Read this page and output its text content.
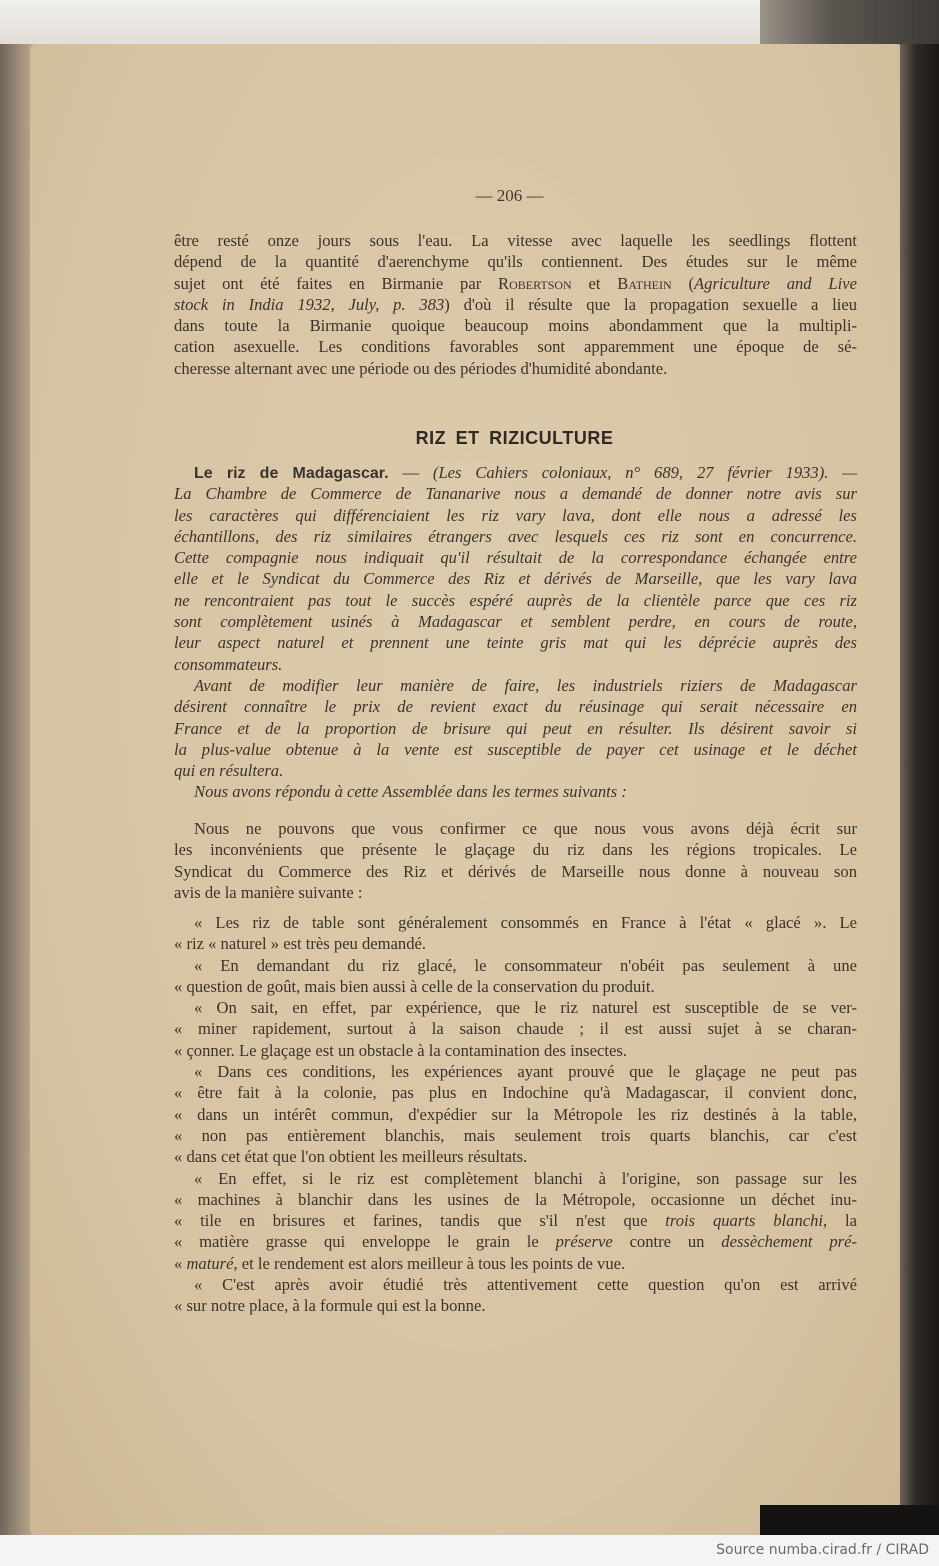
— 206 —
être resté onze jours sous l'eau. La vitesse avec laquelle les seedlings flottent
dépend de la quantité d'aerenchyme qu'ils contiennent. Des études sur le même
sujet ont été faites en Birmanie par Robertson et Bathein (Agriculture and Live
stock in India 1932, July, p. 383) d'où il résulte que la propagation sexuelle a lieu
dans toute la Birmanie quoique beaucoup moins abondamment que la multipli-
cation asexuelle. Les conditions favorables sont apparemment une époque de sé-
cheresse alternant avec une période ou des périodes d'humidité abondante.
RIZ ET RIZICULTURE
Le riz de Madagascar. — (Les Cahiers coloniaux, n° 689, 27 février 1933). —
La Chambre de Commerce de Tananarive nous a demandé de donner notre avis sur
les caractères qui différenciaient les riz vary lava, dont elle nous a adressé les
échantillons, des riz similaires étrangers avec lesquels ces riz sont en concurrence.
Cette compagnie nous indiquait qu'il résultait de la correspondance échangée entre
elle et le Syndicat du Commerce des Riz et dérivés de Marseille, que les vary lava
ne rencontraient pas tout le succès espéré auprès de la clientèle parce que ces riz
sont complètement usinés à Madagascar et semblent perdre, en cours de route,
leur aspect naturel et prennent une teinte gris mat qui les déprécie auprès des
consommateurs.
Avant de modifier leur manière de faire, les industriels riziers de Madagascar
désirent connaître le prix de revient exact du réusinage qui serait nécessaire en
France et de la proportion de brisure qui peut en résulter. Ils désirent savoir si
la plus-value obtenue à la vente est susceptible de payer cet usinage et le déchet
qui en résultera.
Nous avons répondu à cette Assemblée dans les termes suivants :
Nous ne pouvons que vous confirmer ce que nous vous avons déjà écrit sur
les inconvénients que présente le glaçage du riz dans les régions tropicales. Le
Syndicat du Commerce des Riz et dérivés de Marseille nous donne à nouveau son
avis de la manière suivante :
« Les riz de table sont généralement consommés en France à l'état « glacé ». Le
« riz « naturel » est très peu demandé.
« En demandant du riz glacé, le consommateur n'obéit pas seulement à une
« question de goût, mais bien aussi à celle de la conservation du produit.
« On sait, en effet, par expérience, que le riz naturel est susceptible de se ver-
« miner rapidement, surtout à la saison chaude ; il est aussi sujet à se charan-
« çonner. Le glaçage est un obstacle à la contamination des insectes.
« Dans ces conditions, les expériences ayant prouvé que le glaçage ne peut pas
« être fait à la colonie, pas plus en Indochine qu'à Madagascar, il convient donc,
« dans un intérêt commun, d'expédier sur la Métropole les riz destinés à la table,
« non pas entièrement blanchis, mais seulement trois quarts blanchis, car c'est
« dans cet état que l'on obtient les meilleurs résultats.
« En effet, si le riz est complètement blanchi à l'origine, son passage sur les
« machines à blanchir dans les usines de la Métropole, occasionne un déchet inu-
« tile en brisures et farines, tandis que s'il n'est que trois quarts blanchi, la
« matière grasse qui enveloppe le grain le préserve contre un dessèchement pré-
« maturé, et le rendement est alors meilleur à tous les points de vue.
« C'est après avoir étudié très attentivement cette question qu'on est arrivé
« sur notre place, à la formule qui est la bonne.
Source numba.cirad.fr / CIRAD
